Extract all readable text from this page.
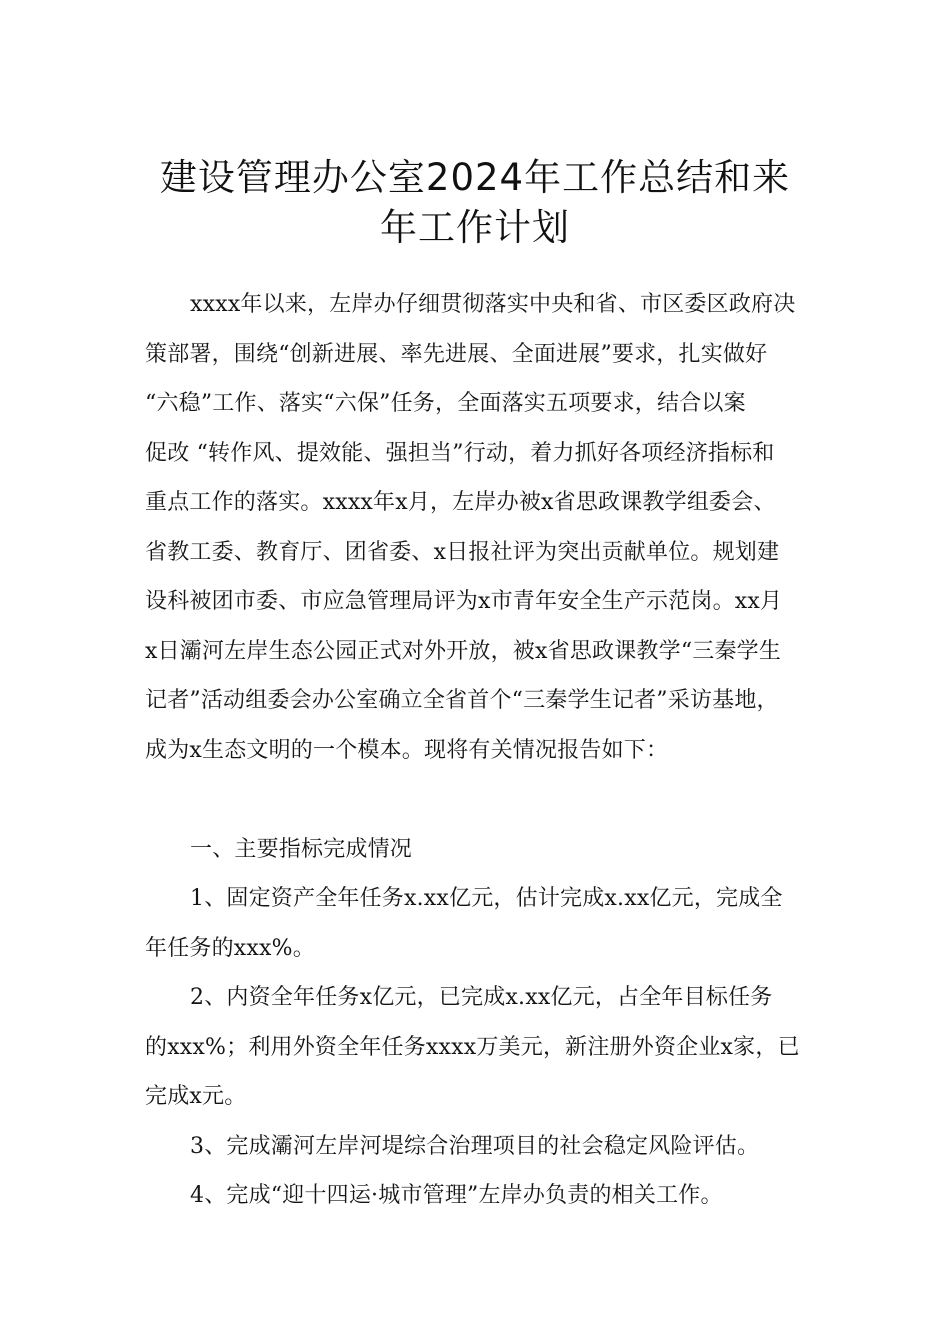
建设管理办公室2024年工作总结和来
年工作计划
xxxx年以来，左岸办仔细贯彻落实中央和省、市区委区政府决
策部署，围绕“创新进展、率先进展、全面进展”要求，扎实做好
“六稳”工作、落实“六保”任务，全面落实五项要求，结合以案
促改 “转作风、提效能、强担当”行动，着力抓好各项经济指标和
重点工作的落实。xxxx年x月，左岸办被x省思政课教学组委会、
省教工委、教育厅、团省委、x日报社评为突出贡献单位。规划建
设科被团市委、市应急管理局评为x市青年安全生产示范岗。xx月
x日灞河左岸生态公园正式对外开放，被x省思政课教学“三秦学生
记者”活动组委会办公室确立全省首个“三秦学生记者”采访基地，
成为x生态文明的一个模本。现将有关情况报告如下：
一、主要指标完成情况
1、固定资产全年任务x.xx亿元，估计完成x.xx亿元，完成全
年任务的xxx%。
2、内资全年任务x亿元，已完成x.xx亿元，占全年目标任务
的xxx%；利用外资全年任务xxxx万美元，新注册外资企业x家，已
完成x元。
3、完成灞河左岸河堤综合治理项目的社会稳定风险评估。
4、完成“迎十四运·城市管理”左岸办负责的相关工作。
